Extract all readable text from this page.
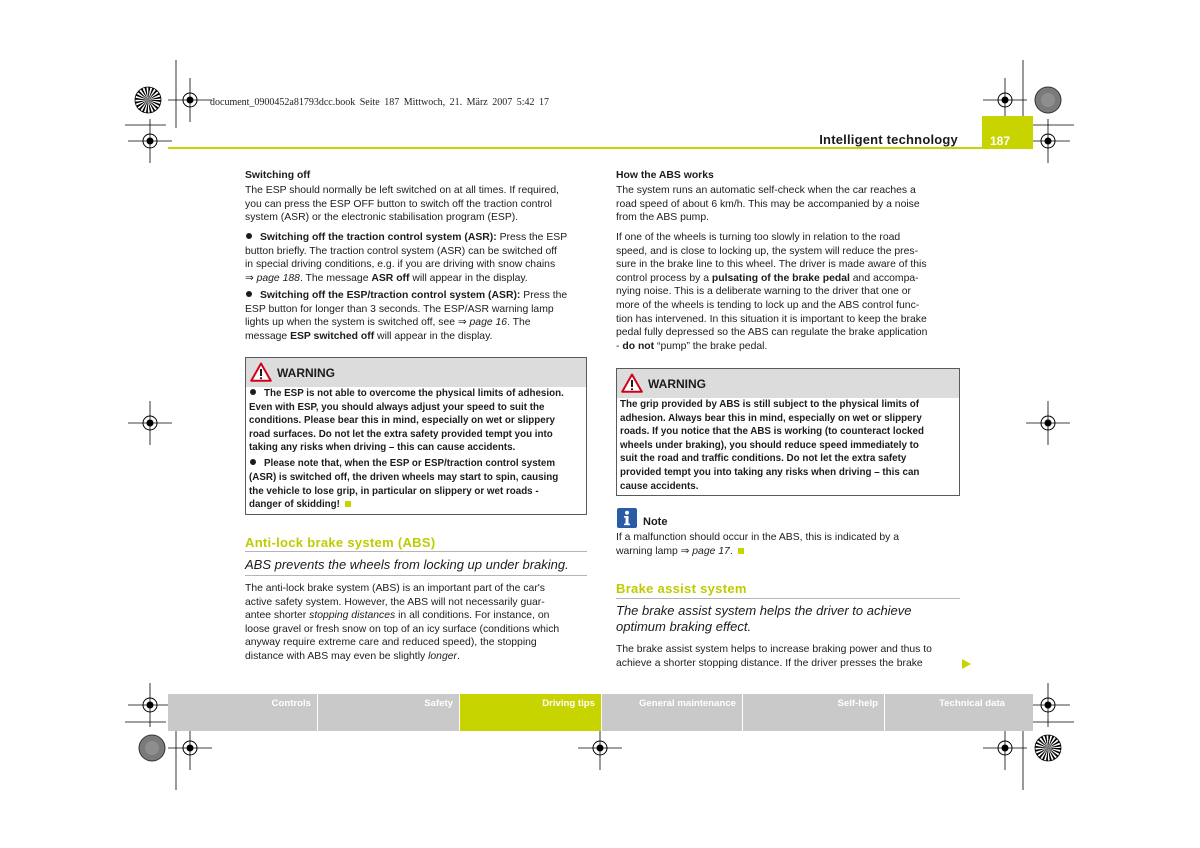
document_0900452a81793dcc.book Seite 187 Mittwoch, 21. März 2007 5:42 17
Intelligent technology	187
Switching off
The ESP should normally be left switched on at all times. If required,
you can press the ESP OFF button to switch off the traction control
system (ASR) or the electronic stabilisation program (ESP).
Switching off the traction control system (ASR): Press the ESP
button briefly. The traction control system (ASR) can be switched off
in special driving conditions, e.g. if you are driving with snow chains
⇒ page 188. The message ASR off will appear in the display.
Switching off the ESP/traction control system (ASR): Press the
ESP button for longer than 3 seconds. The ESP/ASR warning lamp
lights up when the system is switched off, see ⇒ page 16. The
message ESP switched off will appear in the display.
WARNING
The ESP is not able to overcome the physical limits of adhesion.
Even with ESP, you should always adjust your speed to suit the
conditions. Please bear this in mind, especially on wet or slippery
road surfaces. Do not let the extra safety provided tempt you into
taking any risks when driving – this can cause accidents.
Please note that, when the ESP or ESP/traction control system
(ASR) is switched off, the driven wheels may start to spin, causing
the vehicle to lose grip, in particular on slippery or wet roads -
danger of skidding!
Anti-lock brake system (ABS)
ABS prevents the wheels from locking up under braking.
The anti-lock brake system (ABS) is an important part of the car's
active safety system. However, the ABS will not necessarily guar-
antee shorter stopping distances in all conditions. For instance, on
loose gravel or fresh snow on top of an icy surface (conditions which
anyway require extreme care and reduced speed), the stopping
distance with ABS may even be slightly longer.
How the ABS works
The system runs an automatic self-check when the car reaches a
road speed of about 6 km/h. This may be accompanied by a noise
from the ABS pump.
If one of the wheels is turning too slowly in relation to the road
speed, and is close to locking up, the system will reduce the pres-
sure in the brake line to this wheel. The driver is made aware of this
control process by a pulsating of the brake pedal and accompa-
nying noise. This is a deliberate warning to the driver that one or
more of the wheels is tending to lock up and the ABS control func-
tion has intervened. In this situation it is important to keep the brake
pedal fully depressed so the ABS can regulate the brake application
- do not “pump” the brake pedal.
WARNING
The grip provided by ABS is still subject to the physical limits of
adhesion. Always bear this in mind, especially on wet or slippery
roads. If you notice that the ABS is working (to counteract locked
wheels under braking), you should reduce speed immediately to
suit the road and traffic conditions. Do not let the extra safety
provided tempt you into taking any risks when driving – this can
cause accidents.
Note
If a malfunction should occur in the ABS, this is indicated by a
warning lamp ⇒ page 17.
Brake assist system
The brake assist system helps the driver to achieve
optimum braking effect.
The brake assist system helps to increase braking power and thus to
achieve a shorter stopping distance. If the driver presses the brake
Controls	Safety	Driving tips	General maintenance	Self-help	Technical data
